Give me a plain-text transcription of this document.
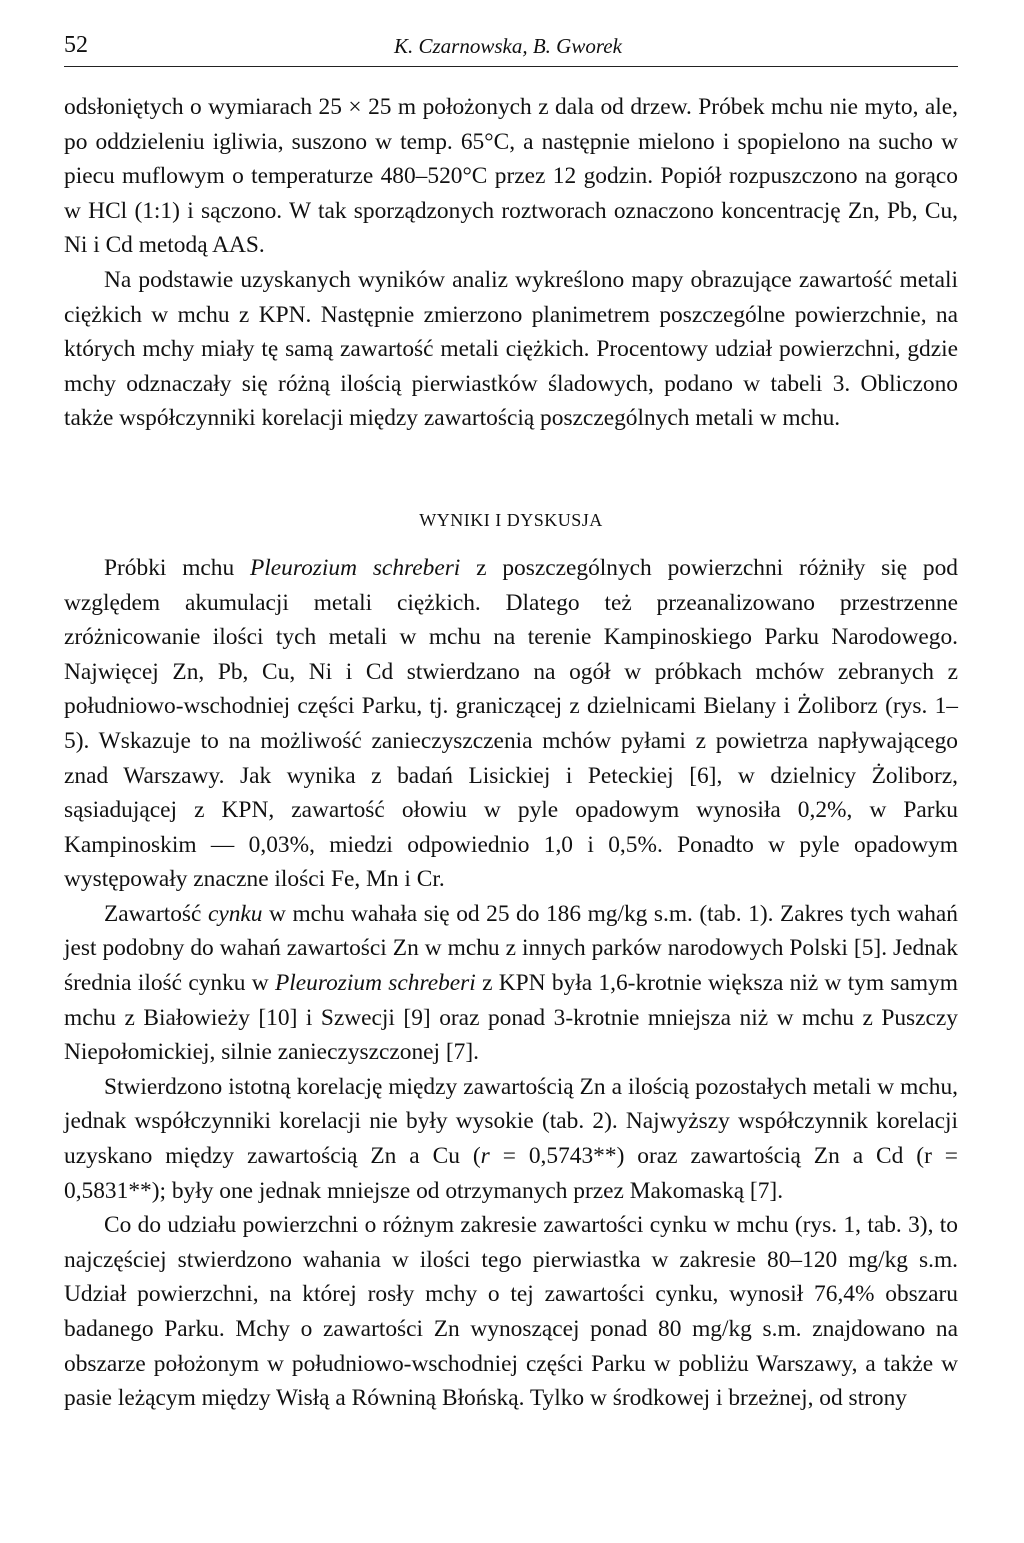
52	K. Czarnowska, B. Gworek

odsłoniętych o wymiarach 25 × 25 m położonych z dala od drzew. Próbek mchu nie myto, ale, po oddzieleniu igliwia, suszono w temp. 65°C, a następnie mielono i spopielono na sucho w piecu muflowym o temperaturze 480–520°C przez 12 godzin. Popiół rozpuszczono na gorąco w HCl (1:1) i sączono. W tak sporządzonych roztworach oznaczono koncentrację Zn, Pb, Cu, Ni i Cd metodą AAS.

Na podstawie uzyskanych wyników analiz wykreślono mapy obrazujące zawartość metali ciężkich w mchu z KPN. Następnie zmierzono planimetrem poszczególne powierzchnie, na których mchy miały tę samą zawartość metali ciężkich. Procentowy udział powierzchni, gdzie mchy odznaczały się różną ilością pierwiastków śladowych, podano w tabeli 3. Obliczono także współczynniki korelacji między zawartością poszczególnych metali w mchu.

WYNIKI I DYSKUSJA

Próbki mchu Pleurozium schreberi z poszczególnych powierzchni różniły się pod względem akumulacji metali ciężkich. Dlatego też przeanalizowano przestrzenne zróżnicowanie ilości tych metali w mchu na terenie Kampinoskiego Parku Narodowego. Najwięcej Zn, Pb, Cu, Ni i Cd stwierdzano na ogół w próbkach mchów zebranych z południowo-wschodniej części Parku, tj. graniczącej z dzielnicami Bielany i Żoliborz (rys. 1–5). Wskazuje to na możliwość zanieczyszczenia mchów pyłami z powietrza napływającego znad Warszawy. Jak wynika z badań Lisickiej i Peteckiej [6], w dzielnicy Żoliborz, sąsiadującej z KPN, zawartość ołowiu w pyle opadowym wynosiła 0,2%, w Parku Kampinoskim — 0,03%, miedzi odpowiednio 1,0 i 0,5%. Ponadto w pyle opadowym występowały znaczne ilości Fe, Mn i Cr.

Zawartość cynku w mchu wahała się od 25 do 186 mg/kg s.m. (tab. 1). Zakres tych wahań jest podobny do wahań zawartości Zn w mchu z innych parków narodowych Polski [5]. Jednak średnia ilość cynku w Pleurozium schreberi z KPN była 1,6-krotnie większa niż w tym samym mchu z Białowieży [10] i Szwecji [9] oraz ponad 3-krotnie mniejsza niż w mchu z Puszczy Niepołomickiej, silnie zanieczyszczonej [7].

Stwierdzono istotną korelację między zawartością Zn a ilością pozostałych metali w mchu, jednak współczynniki korelacji nie były wysokie (tab. 2). Najwyższy współczynnik korelacji uzyskano między zawartością Zn a Cu (r = 0,5743**) oraz zawartością Zn a Cd (r = 0,5831**); były one jednak mniejsze od otrzymanych przez Makomaską [7].

Co do udziału powierzchni o różnym zakresie zawartości cynku w mchu (rys. 1, tab. 3), to najczęściej stwierdzono wahania w ilości tego pierwiastka w zakresie 80–120 mg/kg s.m. Udział powierzchni, na której rosły mchy o tej zawartości cynku, wynosił 76,4% obszaru badanego Parku. Mchy o zawartości Zn wynoszącej ponad 80 mg/kg s.m. znajdowano na obszarze położonym w południowo-wschodniej części Parku w pobliżu Warszawy, a także w pasie leżącym między Wisłą a Równiną Błońską. Tylko w środkowej i brzeżnej, od strony
